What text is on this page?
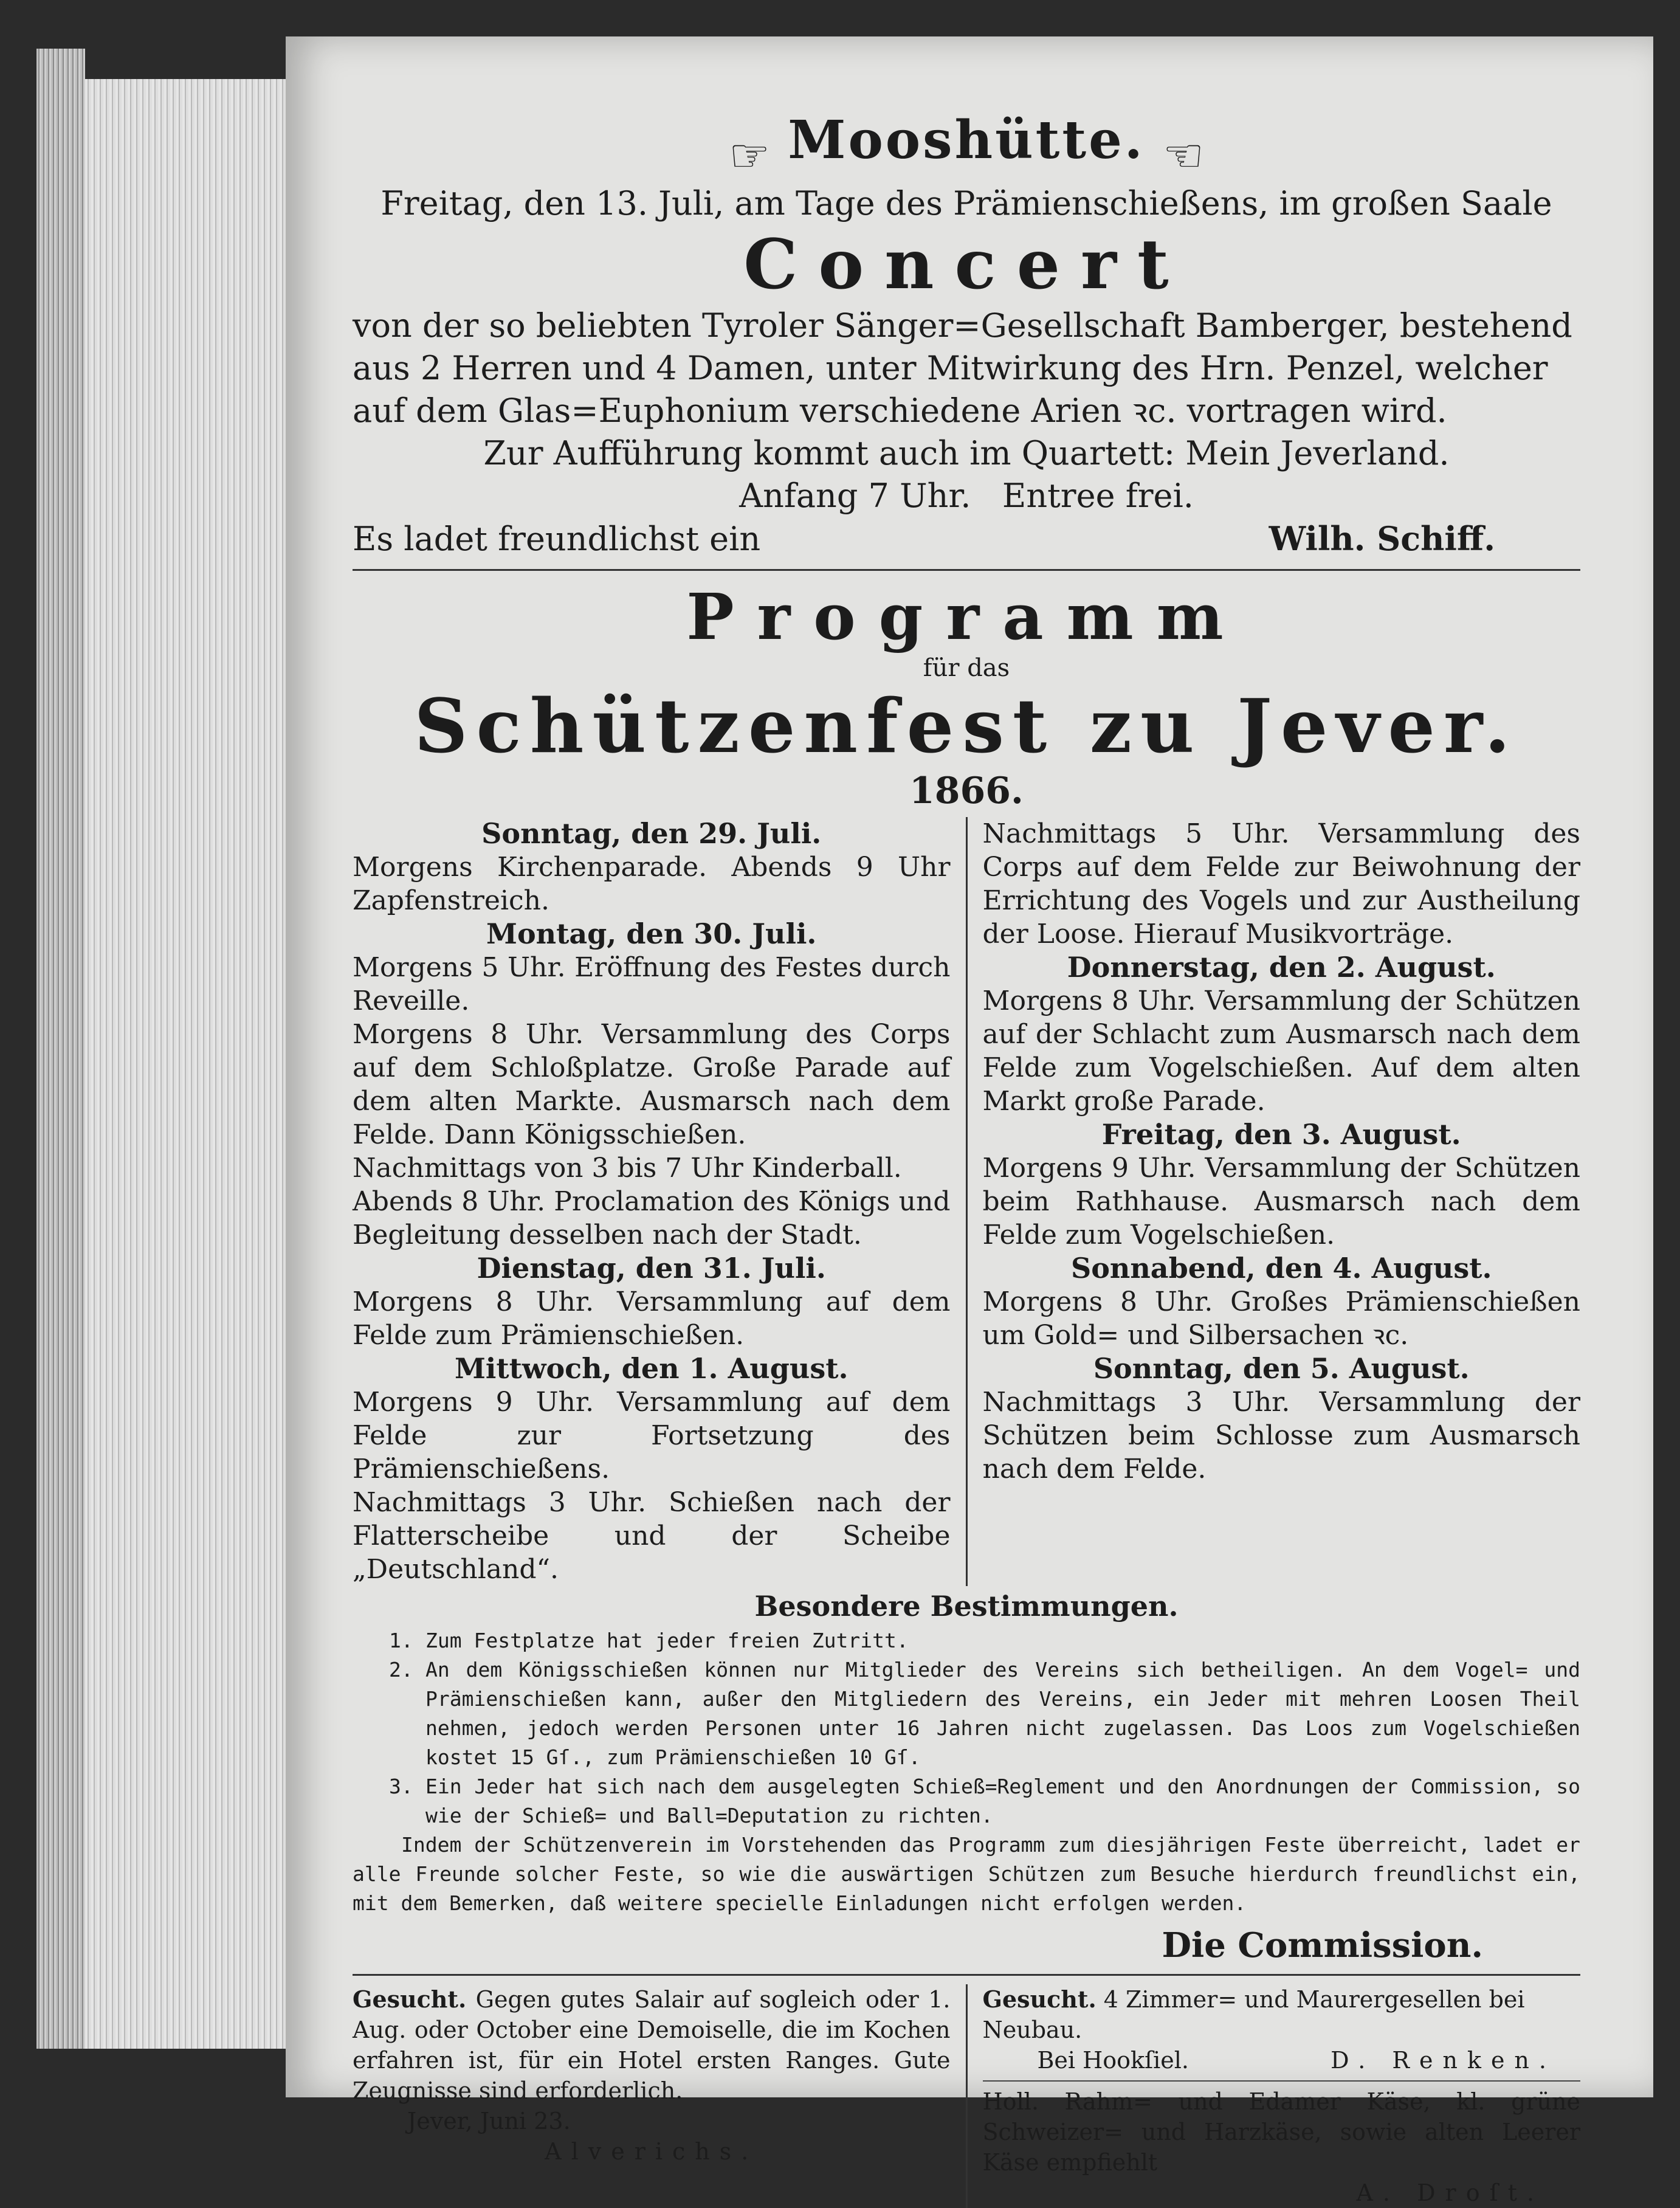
☞ Mooshütte. ☜
Freitag, den 13. Juli, am Tage des Prämienschießens, im großen Saale
Concert
von der so beliebten Tyroler Sänger=Gesellschaft Bamberger, bestehend
aus 2 Herren und 4 Damen, unter Mitwirkung des Hrn. Penzel, welcher
auf dem Glas=Euphonium verschiedene Arien ꝛc. vortragen wird.
Zur Aufführung kommt auch im Quartett: Mein Jeverland.
Anfang 7 Uhr.   Entree frei.
Es ladet freundlichst ein	Wilh. Schiff.
Programm
für das
Schützenfest zu Jever.
1866.
Sonntag, den 29. Juli.
Morgens Kirchenparade. Abends 9 Uhr Zapfenstreich.
Montag, den 30. Juli.
Morgens 5 Uhr. Eröffnung des Festes durch Reveille.
Morgens 8 Uhr. Versammlung des Corps auf dem Schloßplatze. Große Parade auf dem alten Markte. Ausmarsch nach dem Felde. Dann Königsschießen.
Nachmittags von 3 bis 7 Uhr Kinderball.
Abends 8 Uhr. Proclamation des Königs und Begleitung desselben nach der Stadt.
Dienstag, den 31. Juli.
Morgens 8 Uhr. Versammlung auf dem Felde zum Prämienschießen.
Mittwoch, den 1. August.
Morgens 9 Uhr. Versammlung auf dem Felde zur Fortsetzung des Prämienschießens.
Nachmittags 3 Uhr. Schießen nach der Flatterscheibe und der Scheibe „Deutschland“.
Nachmittags 5 Uhr. Versammlung des Corps auf dem Felde zur Beiwohnung der Errichtung des Vogels und zur Austheilung der Loose. Hierauf Musikvorträge.
Donnerstag, den 2. August.
Morgens 8 Uhr. Versammlung der Schützen auf der Schlacht zum Ausmarsch nach dem Felde zum Vogelschießen. Auf dem alten Markt große Parade.
Freitag, den 3. August.
Morgens 9 Uhr. Versammlung der Schützen beim Rathhause. Ausmarsch nach dem Felde zum Vogelschießen.
Sonnabend, den 4. August.
Morgens 8 Uhr. Großes Prämienschießen um Gold= und Silbersachen ꝛc.
Sonntag, den 5. August.
Nachmittags 3 Uhr. Versammlung der Schützen beim Schlosse zum Ausmarsch nach dem Felde.
Besondere Bestimmungen.
1. Zum Festplatze hat jeder freien Zutritt.
2. An dem Königsschießen können nur Mitglieder des Vereins sich betheiligen. An dem Vogel= und Prämienschießen kann, außer den Mitgliedern des Vereins, ein Jeder mit mehren Loosen Theil nehmen, jedoch werden Personen unter 16 Jahren nicht zugelassen. Das Loos zum Vogelschießen kostet 15 Gſ., zum Prämienschießen 10 Gſ.
3. Ein Jeder hat sich nach dem ausgelegten Schieß=Reglement und den Anordnungen der Commission, so wie der Schieß= und Ball=Deputation zu richten.
Indem der Schützenverein im Vorstehenden das Programm zum diesjährigen Feste überreicht, ladet er alle Freunde solcher Feste, so wie die auswärtigen Schützen zum Besuche hierdurch freundlichst ein, mit dem Bemerken, daß weitere specielle Einladungen nicht erfolgen werden.
Die Commission.
Gesucht. Gegen gutes Salair auf sogleich oder 1. Aug. oder October eine Demoiselle, die im Kochen erfahren ist, für ein Hotel ersten Ranges. Gute Zeugnisse sind erforderlich.
Jever, Juni 23.
Alverichs.
Gesucht. 4 Zimmer= und Maurergesellen bei Neubau.
Bei Hookſiel.	D. Renken.
Holl. Rahm= und Edamer Käse, kl. grüne Schweizer= und Harzkäse, sowie alten Leerer Käse empfiehlt
A. Droſt.
